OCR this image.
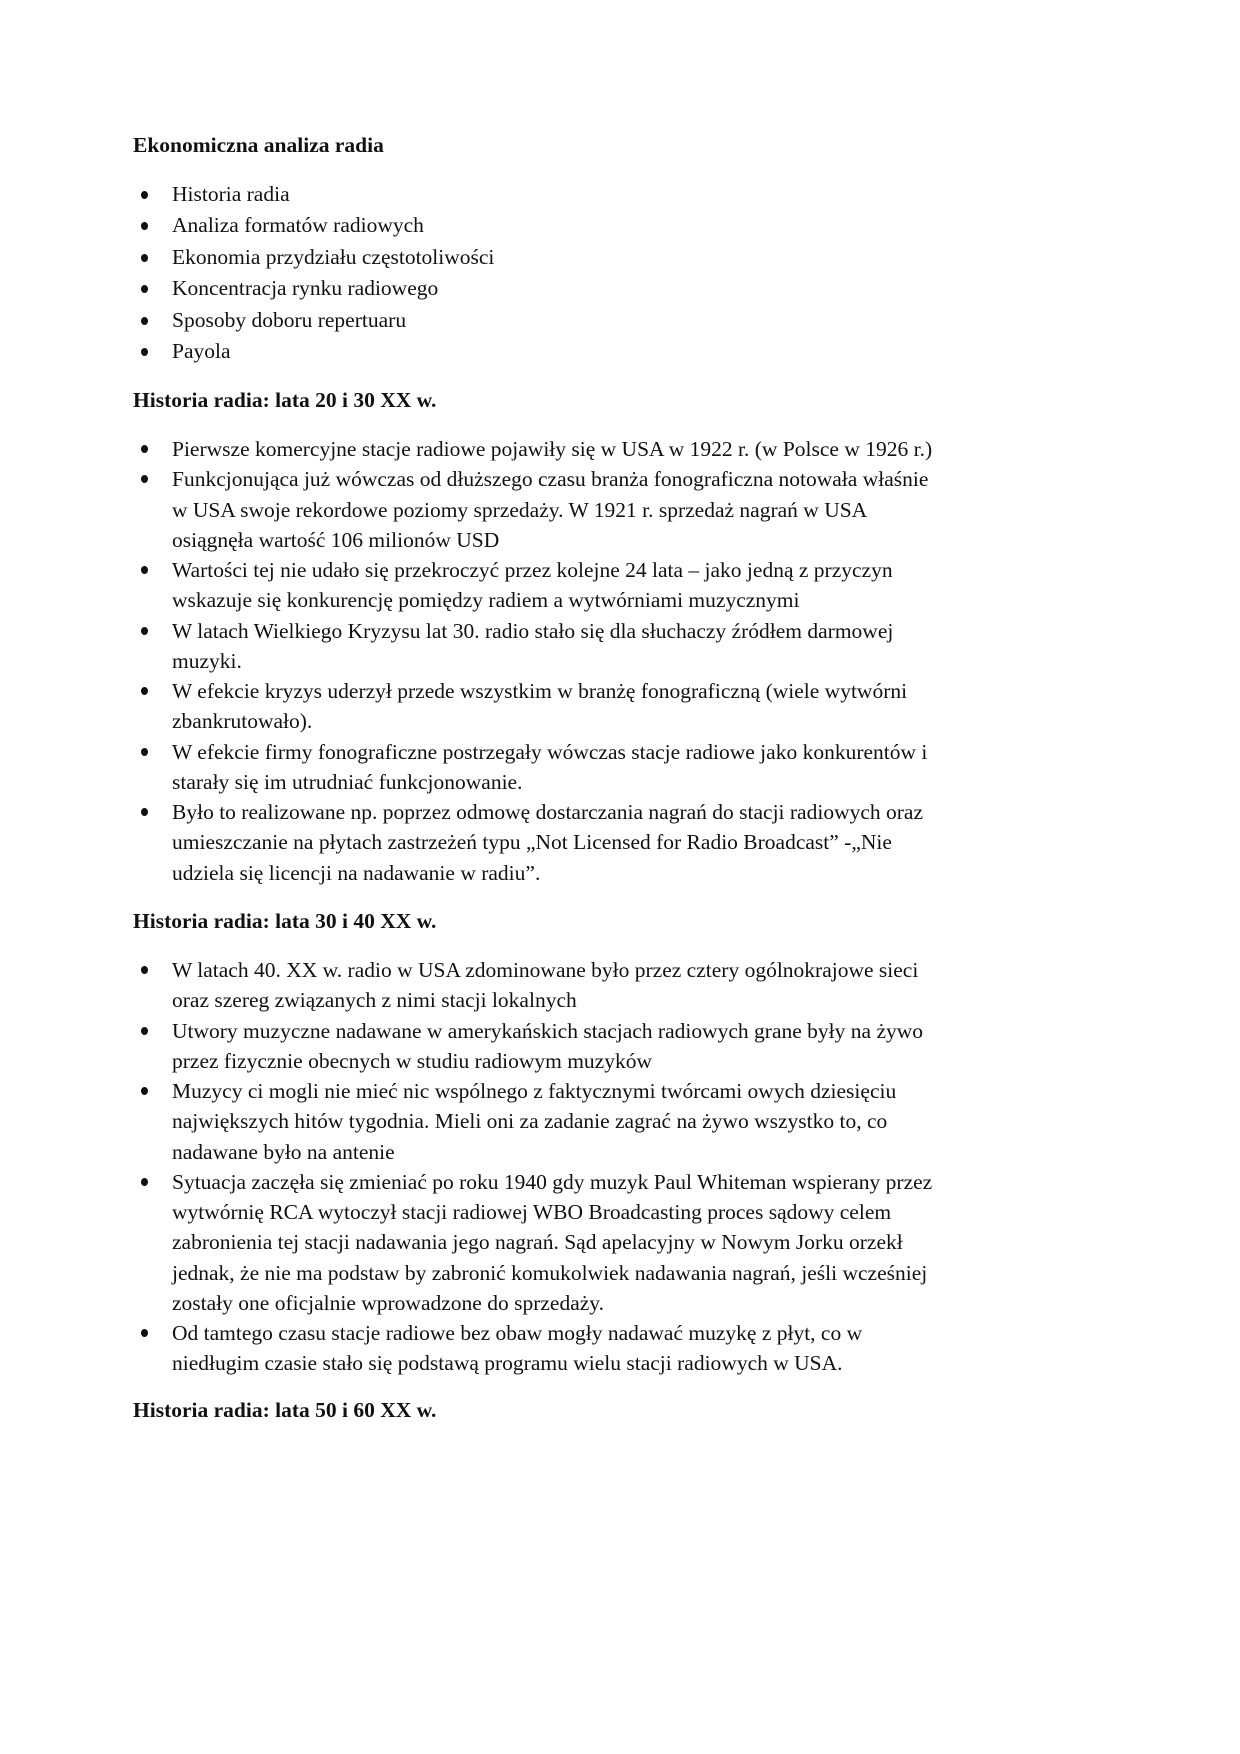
Ekonomiczna analiza radia
Historia radia
Analiza formatów radiowych
Ekonomia przydziału częstotoliwości
Koncentracja rynku radiowego
Sposoby doboru repertuaru
Payola
Historia radia: lata 20 i 30 XX w.
Pierwsze komercyjne stacje radiowe pojawiły się w USA w 1922 r. (w Polsce w 1926 r.)
Funkcjonująca już wówczas od dłuższego czasu branża fonograficzna notowała właśnie
w USA swoje rekordowe poziomy sprzedaży. W 1921 r. sprzedaż nagrań w USA
osiągnęła wartość 106 milionów USD
Wartości tej nie udało się przekroczyć przez kolejne 24 lata – jako jedną z przyczyn
wskazuje się konkurencję pomiędzy radiem a wytwórniami muzycznymi
W latach Wielkiego Kryzysu lat 30. radio stało się dla słuchaczy źródłem darmowej
muzyki.
W efekcie kryzys uderzył przede wszystkim w branżę fonograficzną (wiele wytwórni
zbankrutowało).
W efekcie firmy fonograficzne postrzegały wówczas stacje radiowe jako konkurentów i
starały się im utrudniać funkcjonowanie.
Było to realizowane np. poprzez odmowę dostarczania nagrań do stacji radiowych oraz
umieszczanie na płytach zastrzeżeń typu „Not Licensed for Radio Broadcast” -„Nie
udziela się licencji na nadawanie w radiu”.
Historia radia: lata 30 i 40 XX w.
W latach 40. XX w. radio w USA zdominowane było przez cztery ogólnokrajowe sieci
oraz szereg związanych z nimi stacji lokalnych
Utwory muzyczne nadawane w amerykańskich stacjach radiowych grane były na żywo
przez fizycznie obecnych w studiu radiowym muzyków
Muzycy ci mogli nie mieć nic wspólnego z faktycznymi twórcami owych dziesięciu
największych hitów tygodnia. Mieli oni za zadanie zagrać na żywo wszystko to, co
nadawane było na antenie
Sytuacja zaczęła się zmieniać po roku 1940 gdy muzyk Paul Whiteman wspierany przez
wytwórnię RCA wytoczył stacji radiowej WBO Broadcasting proces sądowy celem
zabronienia tej stacji nadawania jego nagrań. Sąd apelacyjny w Nowym Jorku orzekł
jednak, że nie ma podstaw by zabronić komukolwiek nadawania nagrań, jeśli wcześniej
zostały one oficjalnie wprowadzone do sprzedaży.
Od tamtego czasu stacje radiowe bez obaw mogły nadawać muzykę z płyt, co w
niedługim czasie stało się podstawą programu wielu stacji radiowych w USA.
Historia radia: lata 50 i 60 XX w.
